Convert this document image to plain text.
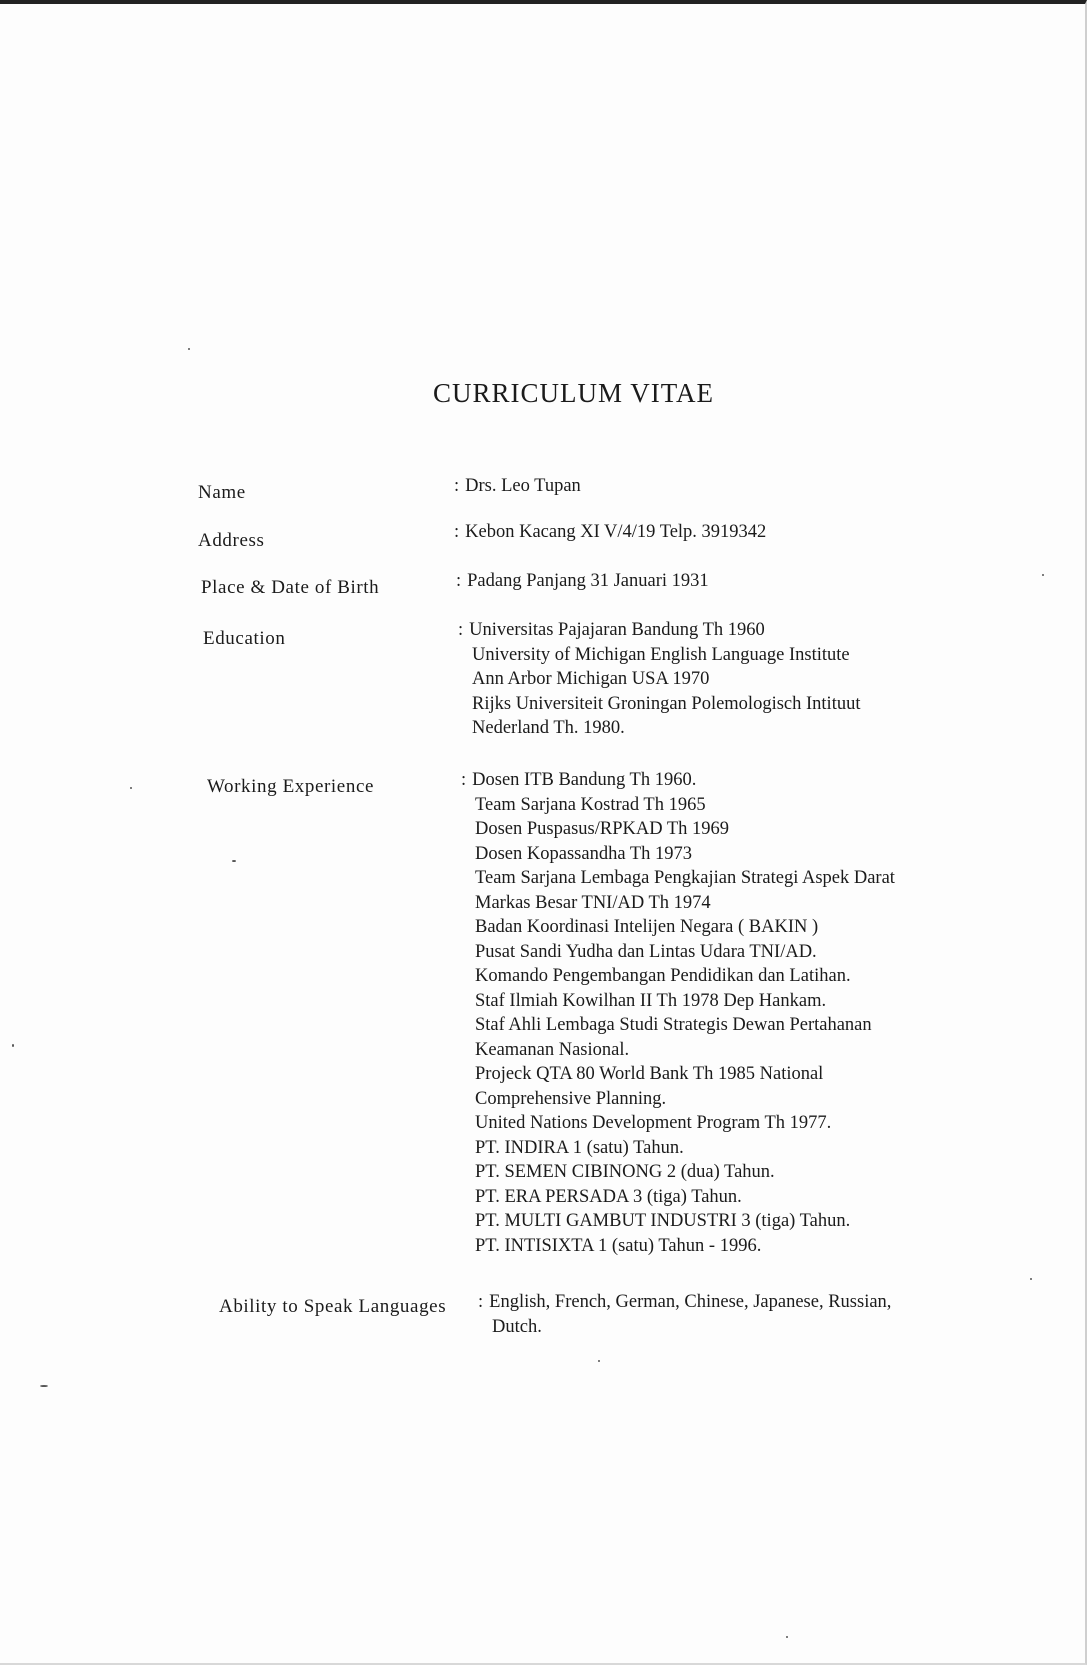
CURRICULUM VITAE
Name	: Drs. Leo Tupan
Address	: Kebon Kacang XI V/4/19 Telp. 3919342
Place & Date of Birth	: Padang Panjang 31 Januari 1931
Education	: Universitas Pajajaran Bandung Th 1960
University of Michigan English Language Institute
Ann Arbor Michigan USA 1970
Rijks Universiteit Groningan Polemologisch Intituut
Nederland Th. 1980.
Working Experience	: Dosen ITB Bandung Th 1960.
Team Sarjana Kostrad Th 1965
Dosen Puspasus/RPKAD Th 1969
Dosen Kopassandha Th 1973
Team Sarjana Lembaga Pengkajian Strategi Aspek Darat
Markas Besar TNI/AD Th 1974
Badan Koordinasi Intelijen Negara ( BAKIN )
Pusat Sandi Yudha dan Lintas Udara TNI/AD.
Komando Pengembangan Pendidikan dan Latihan.
Staf Ilmiah Kowilhan II Th 1978 Dep Hankam.
Staf Ahli Lembaga Studi Strategis Dewan Pertahanan
Keamanan Nasional.
Projeck QTA 80 World Bank Th 1985 National
Comprehensive Planning.
United Nations Development Program Th 1977.
PT. INDIRA 1 (satu) Tahun.
PT. SEMEN CIBINONG 2 (dua) Tahun.
PT. ERA PERSADA 3 (tiga) Tahun.
PT. MULTI GAMBUT INDUSTRI 3 (tiga) Tahun.
PT. INTISIXTA 1 (satu) Tahun - 1996.
Ability to Speak Languages : English, French, German, Chinese, Japanese, Russian,
Dutch.
